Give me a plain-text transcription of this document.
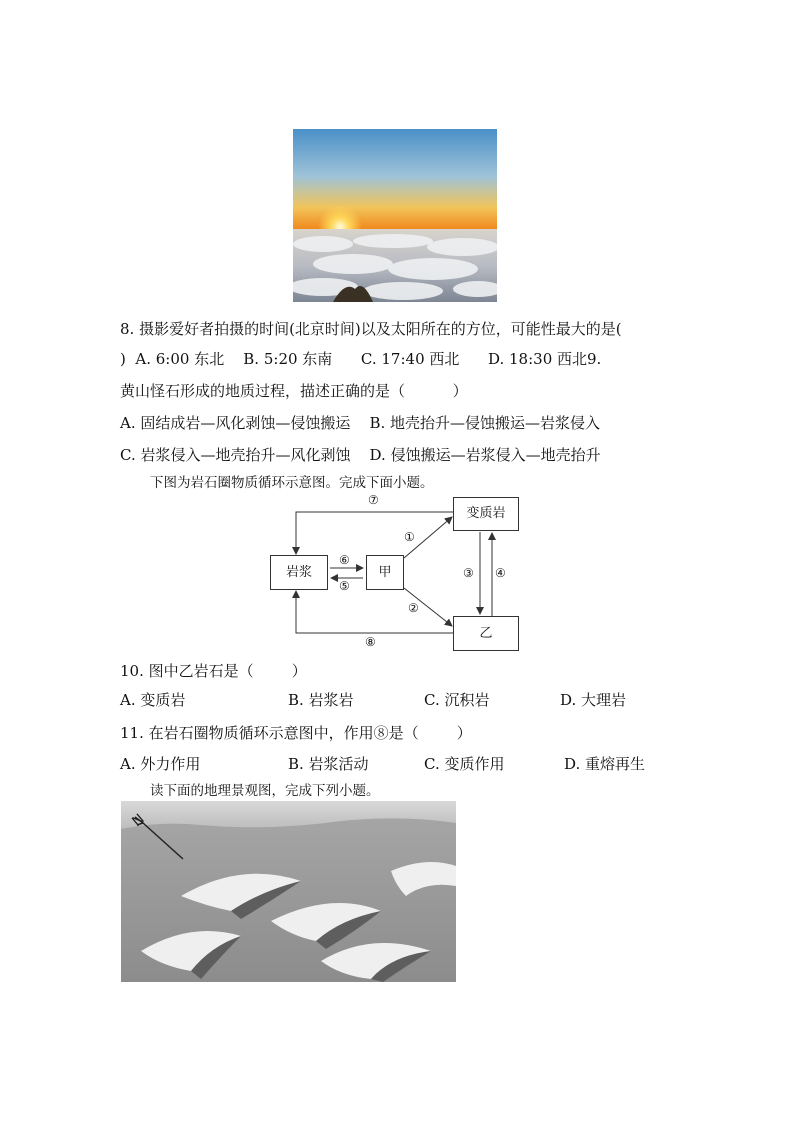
8. 摄影爱好者拍摄的时间(北京时间)以及太阳所在的方位，可能性最大的是(
)  A. 6:00 东北    B. 5:20 东南      C. 17:40 西北      D. 18:30 西北9.
黄山怪石形成的地质过程，描述正确的是（          ）
A. 固结成岩—风化剥蚀—侵蚀搬运    B. 地壳抬升—侵蚀搬运—岩浆侵入
C. 岩浆侵入—地壳抬升—风化剥蚀    D. 侵蚀搬运—岩浆侵入—地壳抬升
下图为岩石圈物质循环示意图。完成下面小题。
岩浆	甲
变质岩
乙
⑦
⑥
⑤
①
②
③ ④
⑧
10. 图中乙岩石是（        ）
A. 变质岩	B. 岩浆岩	C. 沉积岩	D. 大理岩
11. 在岩石圈物质循环示意图中，作用⑧是（        ）
A. 外力作用	B. 岩浆活动	C. 变质作用	D. 重熔再生
读下面的地理景观图，完成下列小题。
N
